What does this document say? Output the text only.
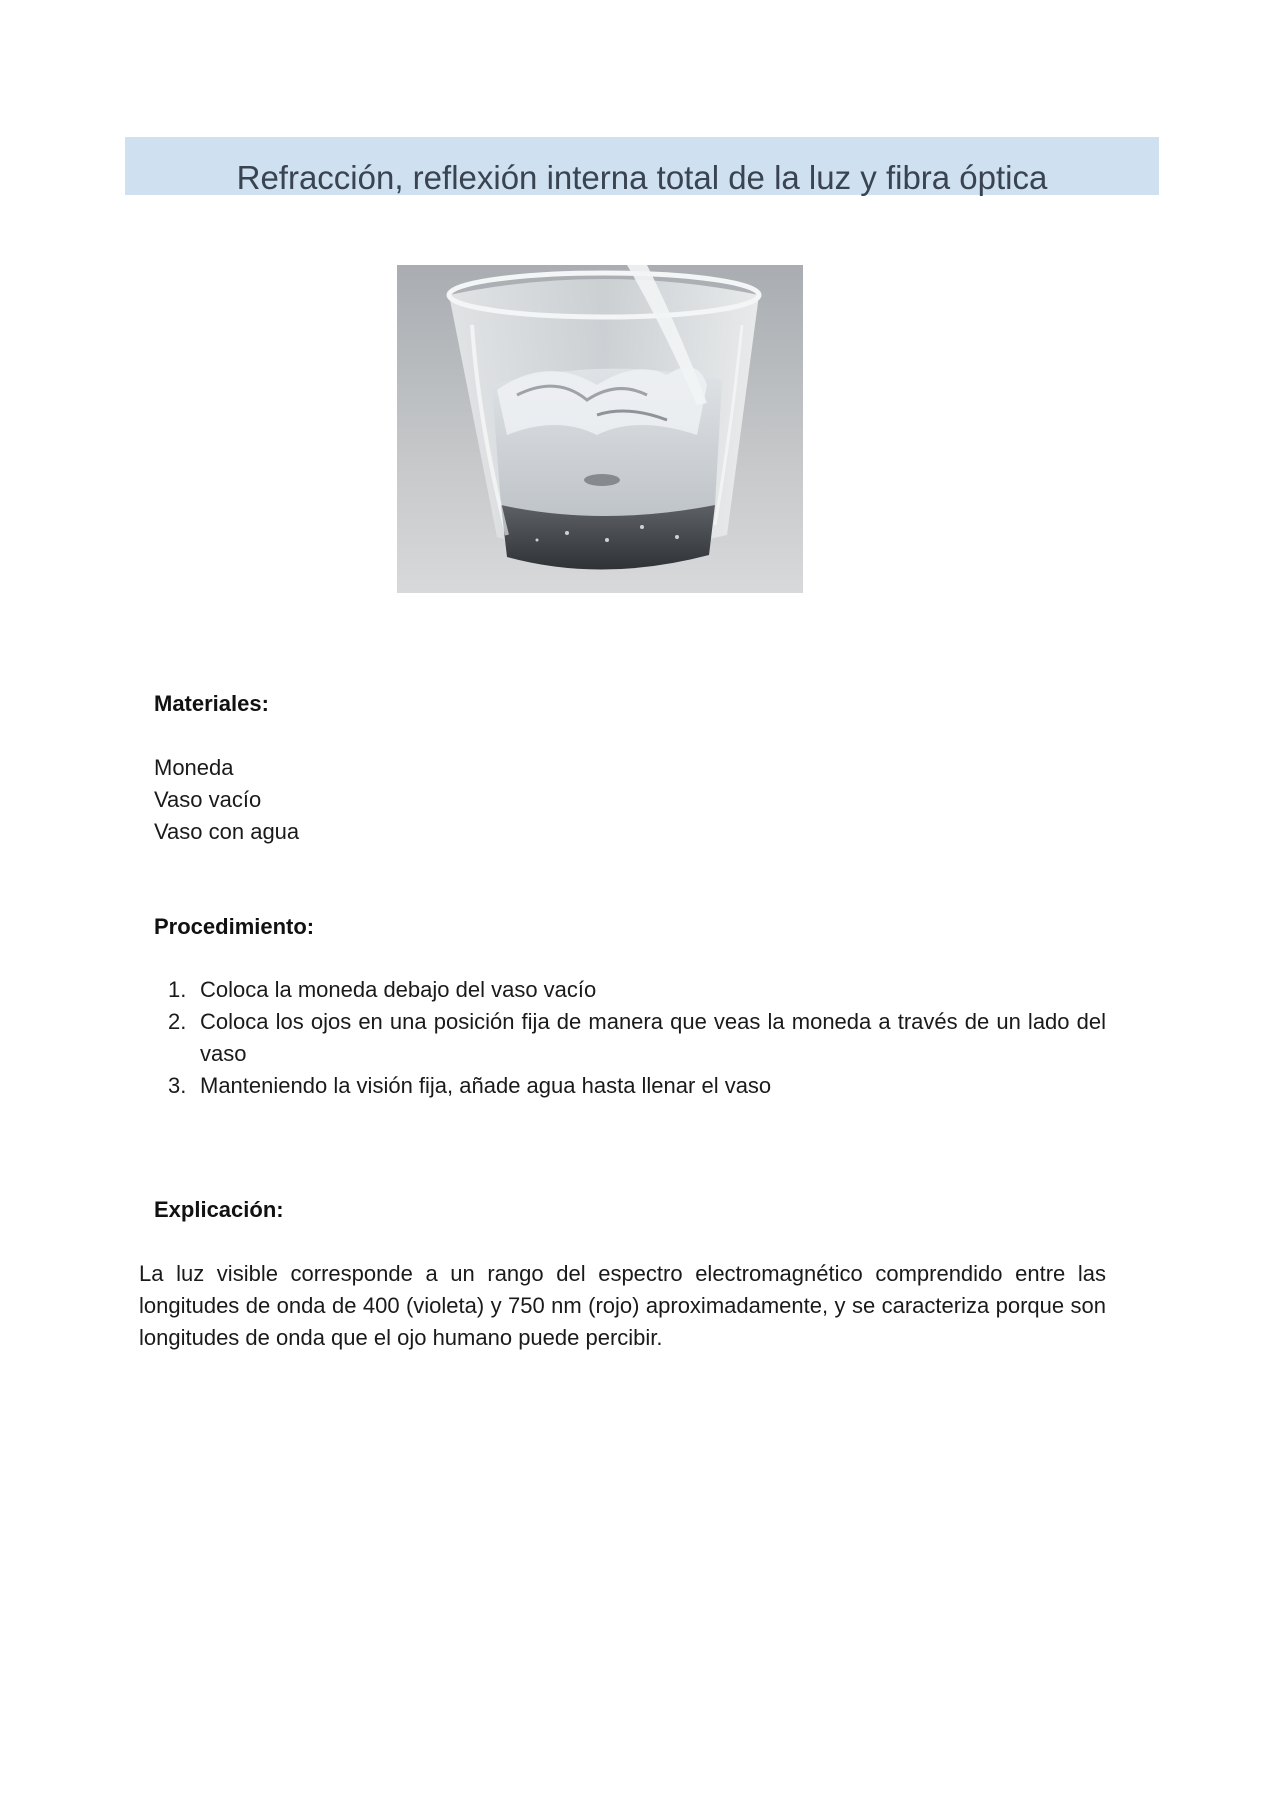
Refracción, reflexión interna total de la luz y fibra óptica
Materiales:
Moneda
Vaso vacío
Vaso con agua
Procedimiento:
1. Coloca la moneda debajo del vaso vacío
2. Coloca los ojos en una posición fija de manera que veas la moneda a través de un lado del vaso
3. Manteniendo la visión fija, añade agua hasta llenar el vaso
Explicación:

La luz visible corresponde a un rango del espectro electromagnético comprendido entre las longitudes de onda de 400 (violeta) y 750 nm (rojo) aproximadamente, y se caracteriza porque son longitudes de onda que el ojo humano puede percibir.
